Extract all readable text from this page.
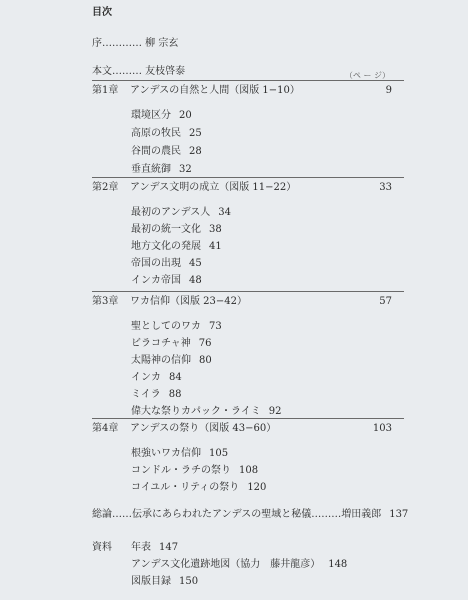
目次
序………… 柳 宗玄
本文……… 友枝啓泰	（ペ ー ジ）
第1章 アンデスの自然と人間（図版 1−10）	9
環境区分 20
高原の牧民 25
谷間の農民 28
垂直統御 32
第2章 アンデス文明の成立（図版 11−22）	33
最初のアンデス人 34
最初の統一文化 38
地方文化の発展 41
帝国の出現 45
インカ帝国 48
第3章 ワカ信仰（図版 23−42）	57
聖としてのワカ 73
ビラコチャ神 76
太陽神の信仰 80
インカ 84
ミイラ 88
偉大な祭りカパック・ライミ 92
第4章 アンデスの祭り（図版 43−60）	103
根強いワカ信仰 105
コンドル・ラチの祭り 108
コイユル・リティの祭り 120
総論……伝承にあらわれたアンデスの聖域と秘儀………増田義郎 137
資料 年表 147
アンデス文化遺跡地図（協力　藤井龍彦） 148
図版目録 150
